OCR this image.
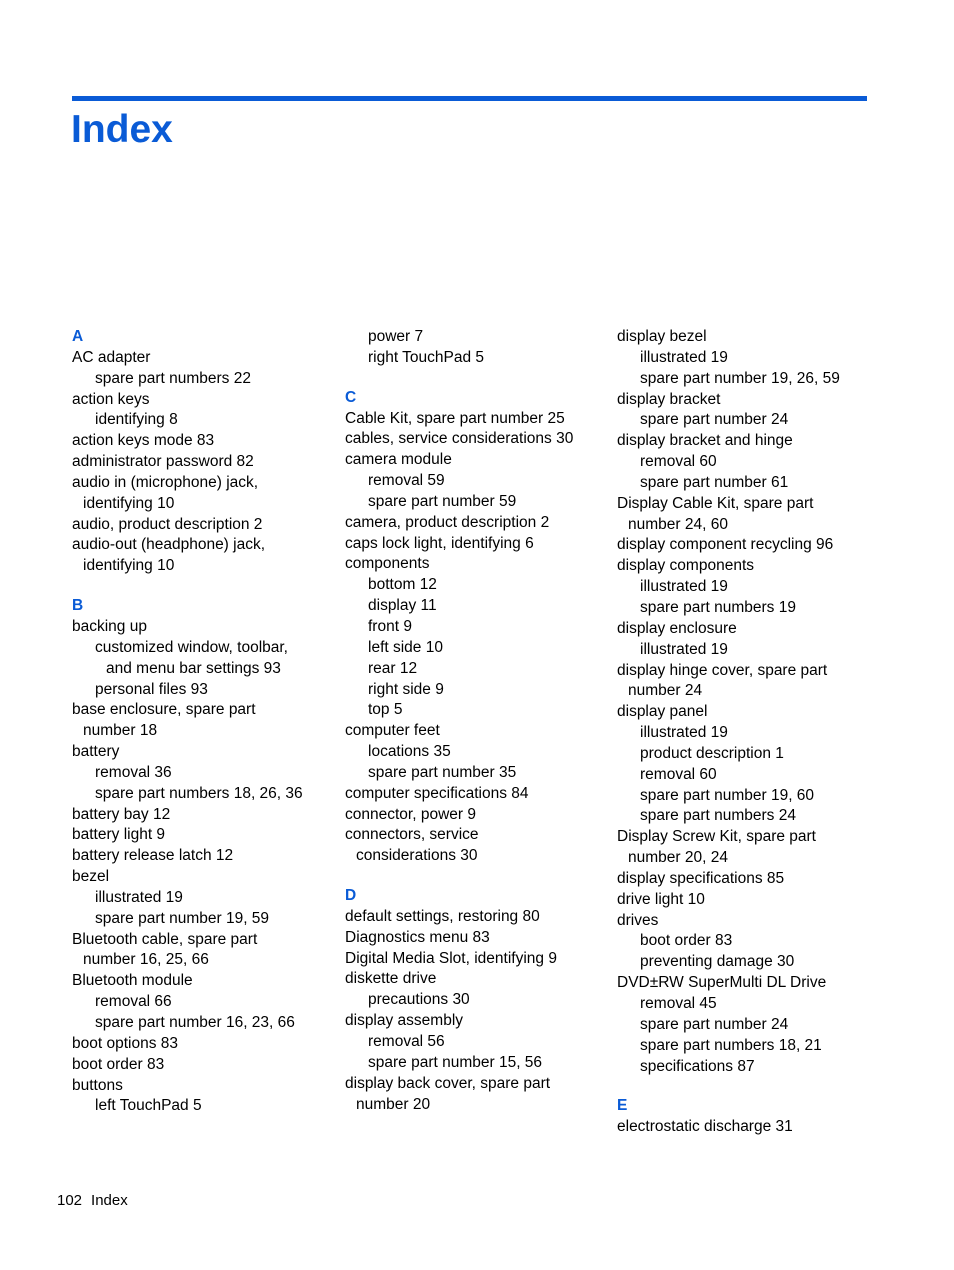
Index
A
AC adapter
spare part numbers 22
action keys
identifying 8
action keys mode 83
administrator password 82
audio in (microphone) jack,
identifying 10
audio, product description 2
audio-out (headphone) jack,
identifying 10
B
backing up
customized window, toolbar,
and menu bar settings 93
personal files 93
base enclosure, spare part
number 18
battery
removal 36
spare part numbers 18, 26, 36
battery bay 12
battery light 9
battery release latch 12
bezel
illustrated 19
spare part number 19, 59
Bluetooth cable, spare part
number 16, 25, 66
Bluetooth module
removal 66
spare part number 16, 23, 66
boot options 83
boot order 83
buttons
left TouchPad 5
power 7
right TouchPad 5
C
Cable Kit, spare part number 25
cables, service considerations 30
camera module
removal 59
spare part number 59
camera, product description 2
caps lock light, identifying 6
components
bottom 12
display 11
front 9
left side 10
rear 12
right side 9
top 5
computer feet
locations 35
spare part number 35
computer specifications 84
connector, power 9
connectors, service
considerations 30
D
default settings, restoring 80
Diagnostics menu 83
Digital Media Slot, identifying 9
diskette drive
precautions 30
display assembly
removal 56
spare part number 15, 56
display back cover, spare part
number 20
display bezel
illustrated 19
spare part number 19, 26, 59
display bracket
spare part number 24
display bracket and hinge
removal 60
spare part number 61
Display Cable Kit, spare part
number 24, 60
display component recycling 96
display components
illustrated 19
spare part numbers 19
display enclosure
illustrated 19
display hinge cover, spare part
number 24
display panel
illustrated 19
product description 1
removal 60
spare part number 19, 60
spare part numbers 24
Display Screw Kit, spare part
number 20, 24
display specifications 85
drive light 10
drives
boot order 83
preventing damage 30
DVD±RW SuperMulti DL Drive
removal 45
spare part number 24
spare part numbers 18, 21
specifications 87
E
electrostatic discharge 31
102 Index
